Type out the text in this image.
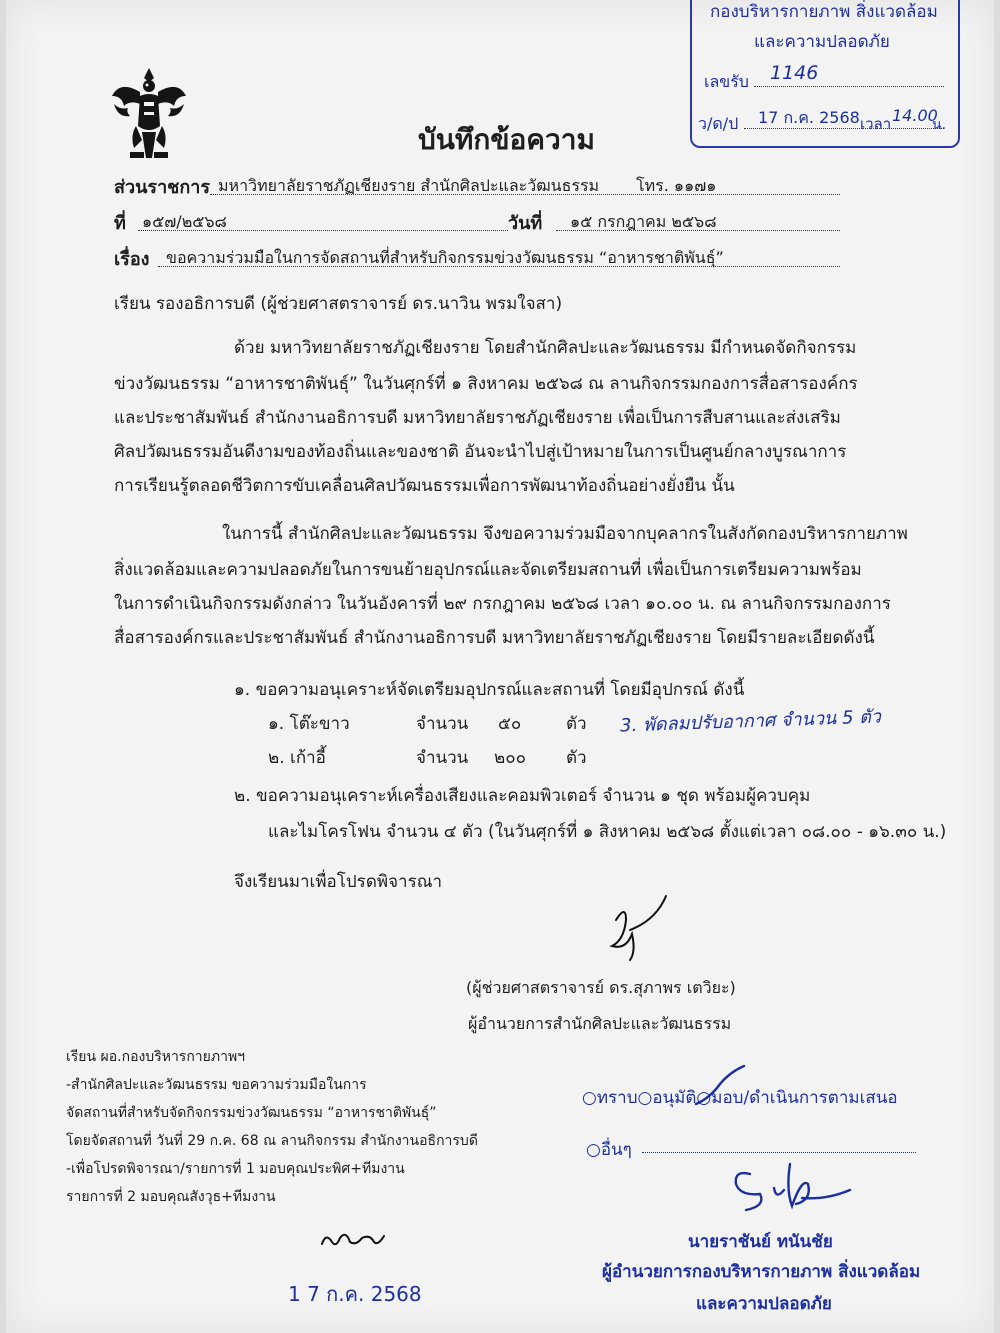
กองบริหารกายภาพ สิ่งแวดล้อม
และความปลอดภัย
เลขรับ 1146
ว/ด/ป 17 ก.ค. 2568 เวลา 14.00
น.
บันทึกข้อความ
ส่วนราชการ มหาวิทยาลัยราชภัฏเชียงราย สำนักศิลปะและวัฒนธรรม โทร. ๑๑๗๑
ที่ ๑๕๗/๒๕๖๘	วันที่ ๑๕ กรกฎาคม ๒๕๖๘
เรื่อง ขอความร่วมมือในการจัดสถานที่สำหรับกิจกรรมข่วงวัฒนธรรม “อาหารชาติพันธุ์”
เรียน รองอธิการบดี (ผู้ช่วยศาสตราจารย์ ดร.นาวิน พรมใจสา)
ด้วย มหาวิทยาลัยราชภัฏเชียงราย โดยสำนักศิลปะและวัฒนธรรม มีกำหนดจัดกิจกรรม
ข่วงวัฒนธรรม “อาหารชาติพันธุ์” ในวันศุกร์ที่ ๑ สิงหาคม ๒๕๖๘ ณ ลานกิจกรรมกองการสื่อสารองค์กร
และประชาสัมพันธ์ สำนักงานอธิการบดี มหาวิทยาลัยราชภัฏเชียงราย เพื่อเป็นการสืบสานและส่งเสริม
ศิลปวัฒนธรรมอันดีงามของท้องถิ่นและของชาติ อันจะนำไปสู่เป้าหมายในการเป็นศูนย์กลางบูรณาการ
การเรียนรู้ตลอดชีวิตการขับเคลื่อนศิลปวัฒนธรรมเพื่อการพัฒนาท้องถิ่นอย่างยั่งยืน นั้น
ในการนี้ สำนักศิลปะและวัฒนธรรม จึงขอความร่วมมือจากบุคลากรในสังกัดกองบริหารกายภาพ
สิ่งแวดล้อมและความปลอดภัยในการขนย้ายอุปกรณ์และจัดเตรียมสถานที่ เพื่อเป็นการเตรียมความพร้อม
ในการดำเนินกิจกรรมดังกล่าว ในวันอังคารที่ ๒๙ กรกฎาคม ๒๕๖๘ เวลา ๑๐.๐๐ น. ณ ลานกิจกรรมกองการ
สื่อสารองค์กรและประชาสัมพันธ์ สำนักงานอธิการบดี มหาวิทยาลัยราชภัฏเชียงราย โดยมีรายละเอียดดังนี้
๑. ขอความอนุเคราะห์จัดเตรียมอุปกรณ์และสถานที่ โดยมีอุปกรณ์ ดังนี้
๑. โต๊ะขาว	จำนวน ๕๐	ตัว
๒. เก้าอี้	จำนวน ๒๐๐ ตัว
3. พัดลมปรับอากาศ จำนวน 5 ตัว
๒. ขอความอนุเคราะห์เครื่องเสียงและคอมพิวเตอร์ จำนวน ๑ ชุด พร้อมผู้ควบคุม
และไมโครโฟน จำนวน ๔ ตัว (ในวันศุกร์ที่ ๑ สิงหาคม ๒๕๖๘ ตั้งแต่เวลา ๐๘.๐๐ - ๑๖.๓๐ น.)
จึงเรียนมาเพื่อโปรดพิจารณา
(ผู้ช่วยศาสตราจารย์ ดร.สุภาพร เตวิยะ)
ผู้อำนวยการสำนักศิลปะและวัฒนธรรม
เรียน ผอ.กองบริหารกายภาพฯ
-สำนักศิลปะและวัฒนธรรม ขอความร่วมมือในการ
จัดสถานที่สำหรับจัดกิจกรรมข่วงวัฒนธรรม “อาหารชาติพันธุ์”
โดยจัดสถานที่ วันที่ 29 ก.ค. 68 ณ ลานกิจกรรม สำนักงานอธิการบดี
-เพื่อโปรดพิจารณา/รายการที่ 1 มอบคุณประพิศ+ทีมงาน
รายการที่ 2 มอบคุณสังวุธ+ทีมงาน
1 7 ก.ค. 2568
○ทราบ○อนุมัติ○มอบ/ดำเนินการตามเสนอ
○อื่นๆ
นายราชันย์ ทนันชัย
ผู้อำนวยการกองบริหารกายภาพ สิ่งแวดล้อม
และความปลอดภัย
